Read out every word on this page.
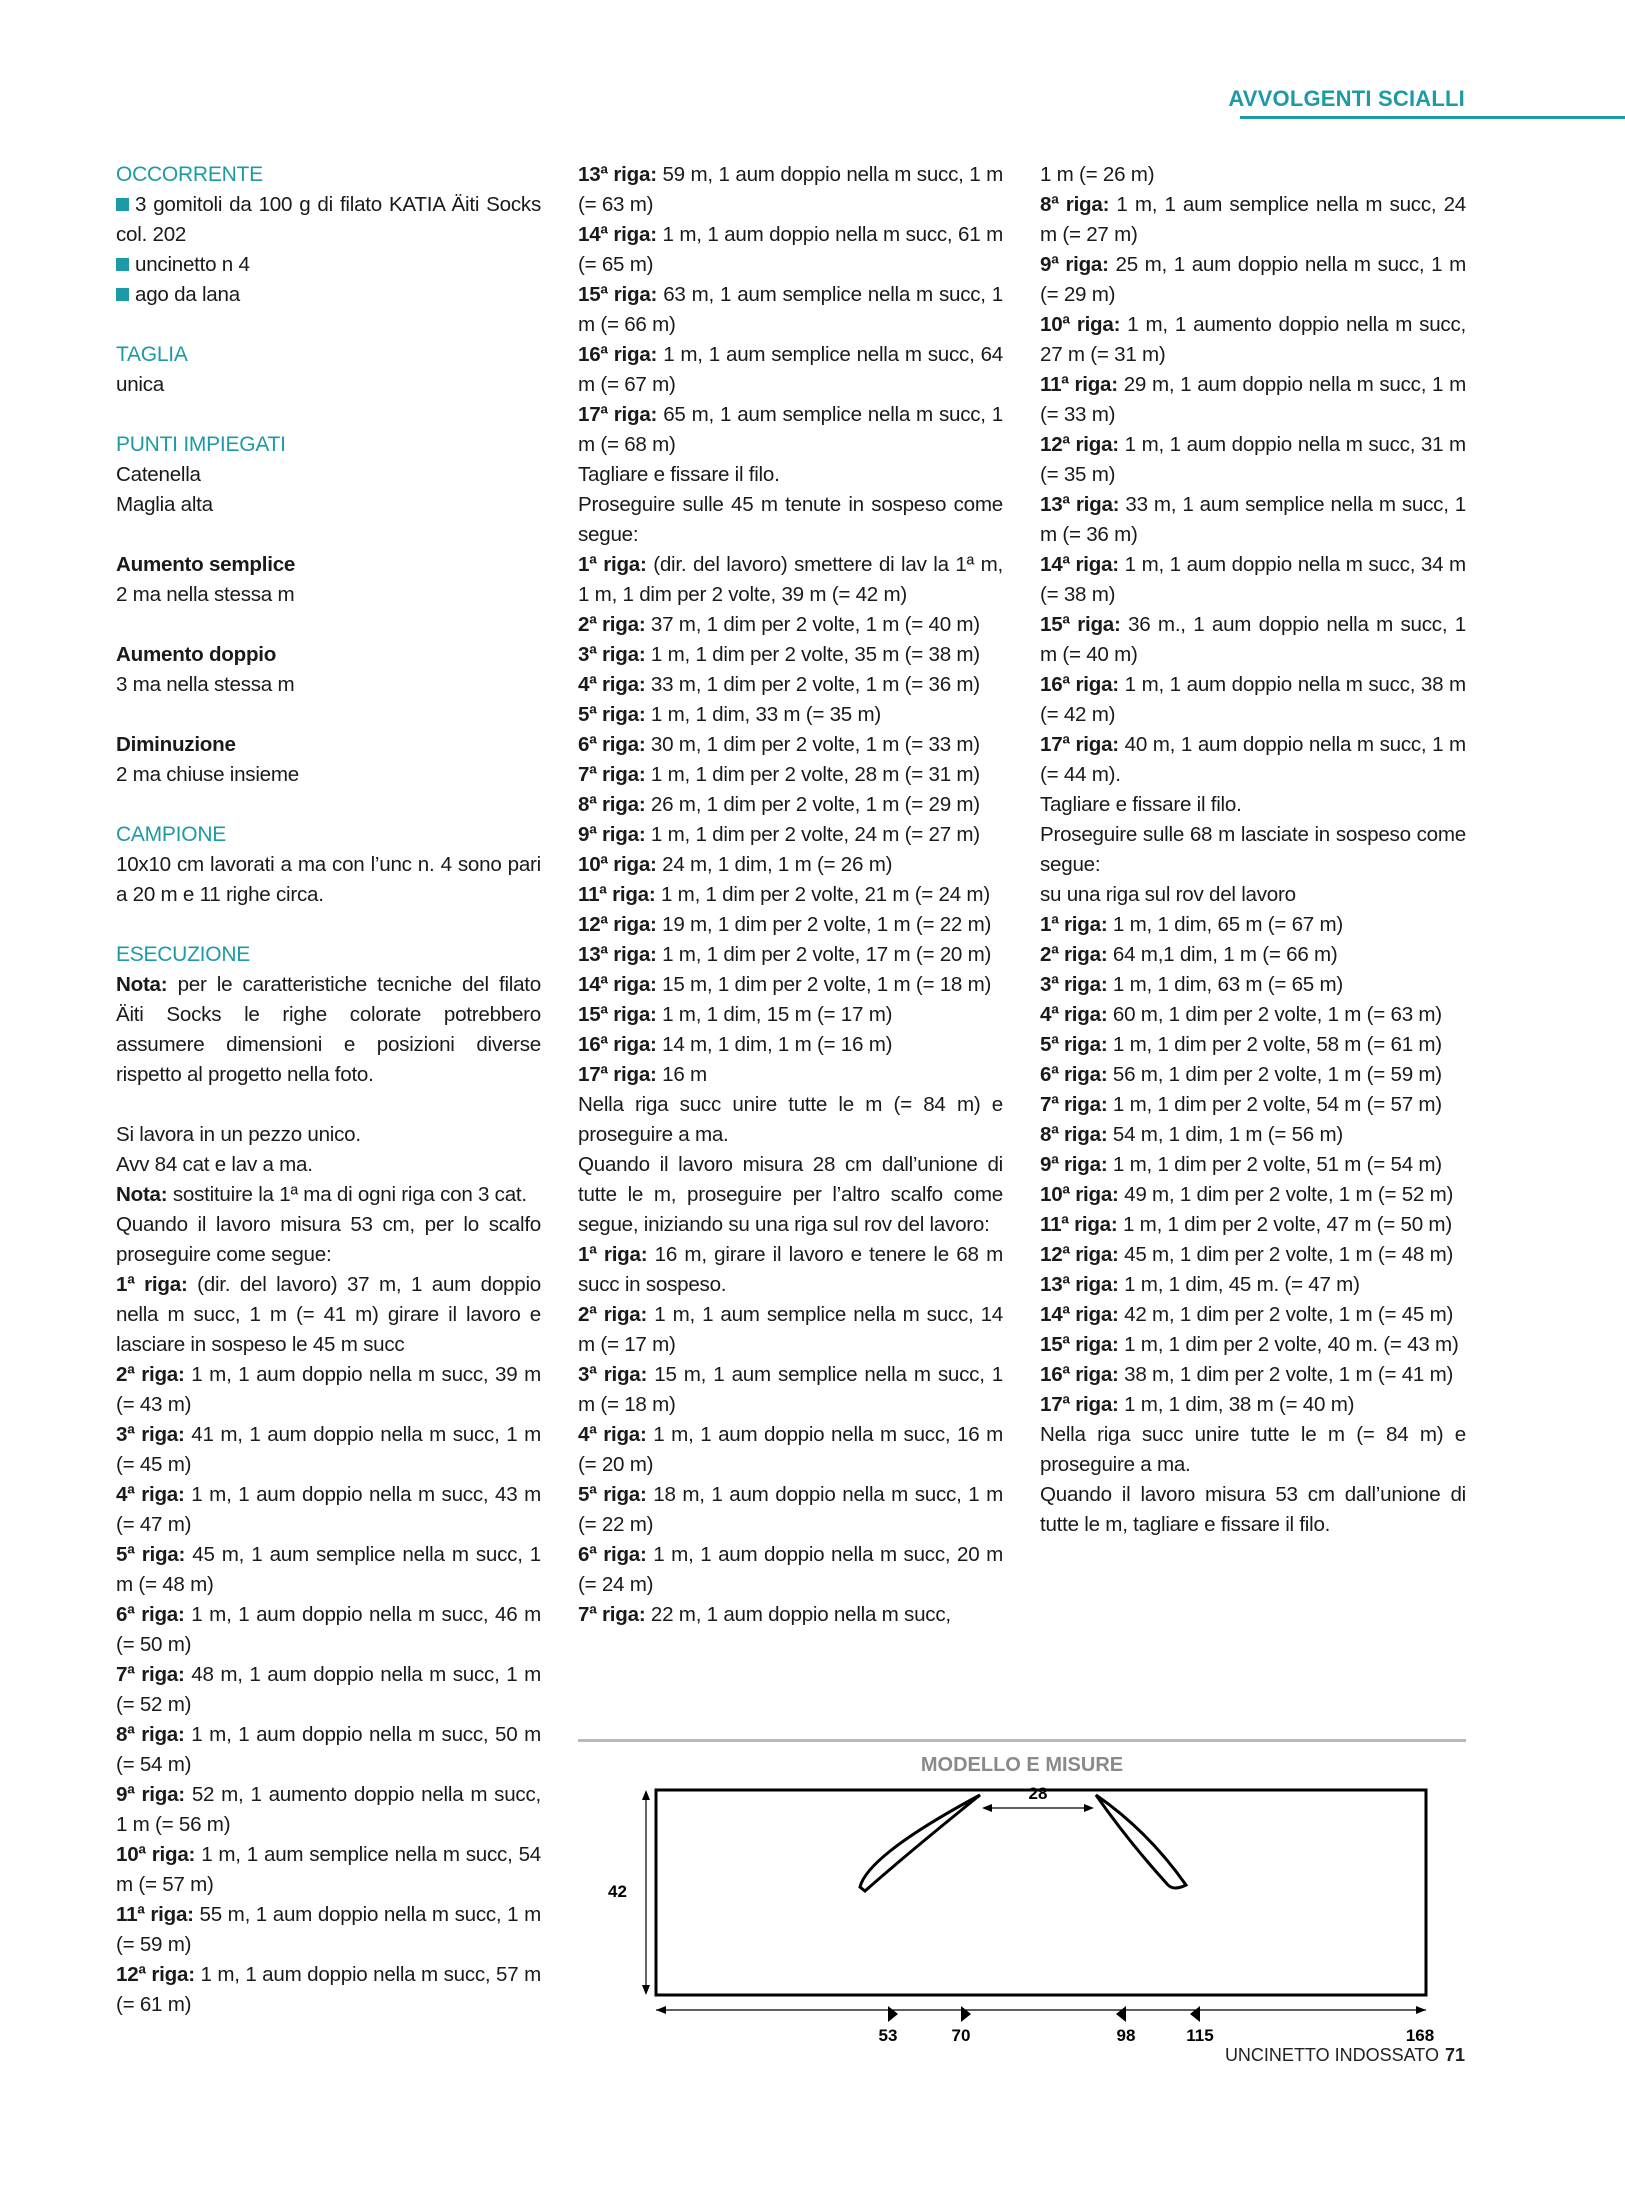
AVVOLGENTI SCIALLI

OCCORRENTE

3 gomitoli da 100 g di filato KATIA Äiti Socks col. 202

uncinetto n 4

ago da lana

TAGLIA

unica

PUNTI IMPIEGATI

Catenella

Maglia alta

Aumento semplice

2 ma nella stessa m

Aumento doppio

3 ma nella stessa m

Diminuzione

2 ma chiuse insieme

CAMPIONE

10x10 cm lavorati a ma con l’unc n. 4 sono pari a 20 m e 11 righe circa.

ESECUZIONE

Nota: per le caratteristiche tecniche del filato Äiti Socks le righe colorate potrebbero assumere dimensioni e posizioni diverse rispetto al progetto nella foto.

Si lavora in un pezzo unico.

Avv 84 cat e lav a ma.

Nota: sostituire la 1ª ma di ogni riga con 3 cat.

Quando il lavoro misura 53 cm, per lo scalfo proseguire come segue:

1ª riga: (dir. del lavoro) 37 m, 1 aum doppio nella m succ, 1 m (= 41 m) girare il lavoro e lasciare in sospeso le 45 m succ

2ª riga: 1 m, 1 aum doppio nella m succ, 39 m (= 43 m)

3ª riga: 41 m, 1 aum doppio nella m succ, 1 m (= 45 m)

4ª riga: 1 m, 1 aum doppio nella m succ, 43 m (= 47 m)

5ª riga: 45 m, 1 aum semplice nella m succ, 1 m (= 48 m)

6ª riga: 1 m, 1 aum doppio nella m succ, 46 m (= 50 m)

7ª riga: 48 m, 1 aum doppio nella m succ, 1 m (= 52 m)

8ª riga: 1 m, 1 aum doppio nella m succ, 50 m (= 54 m)

9ª riga: 52 m, 1 aumento doppio nella m succ, 1 m (= 56 m)

10ª riga: 1 m, 1 aum semplice nella m succ, 54 m (= 57 m)

11ª riga: 55 m, 1 aum doppio nella m succ, 1 m (= 59 m)

12ª riga: 1 m, 1 aum doppio nella m succ, 57 m (= 61 m)

13ª riga: 59 m, 1 aum doppio nella m succ, 1 m (= 63 m)

14ª riga: 1 m, 1 aum doppio nella m succ, 61 m (= 65 m)

15ª riga: 63 m, 1 aum semplice nella m succ, 1 m (= 66 m)

16ª riga: 1 m, 1 aum semplice nella m succ, 64 m (= 67 m)

17ª riga: 65 m, 1 aum semplice nella m succ, 1 m (= 68 m)

Tagliare e fissare il filo.

Proseguire sulle 45 m tenute in sospeso come segue:

1ª riga: (dir. del lavoro) smettere di lav la 1ª m, 1 m, 1 dim per 2 volte, 39 m (= 42 m)

2ª riga: 37 m, 1 dim per 2 volte, 1 m (= 40 m)

3ª riga: 1 m, 1 dim per 2 volte, 35 m (= 38 m)

4ª riga: 33 m, 1 dim per 2 volte, 1 m (= 36 m)

5ª riga: 1 m, 1 dim, 33 m (= 35 m)

6ª riga: 30 m, 1 dim per 2 volte, 1 m (= 33 m)

7ª riga: 1 m, 1 dim per 2 volte, 28 m (= 31 m)

8ª riga: 26 m, 1 dim per 2 volte, 1 m (= 29 m)

9ª riga: 1 m, 1 dim per 2 volte, 24 m (= 27 m)

10ª riga: 24 m, 1 dim, 1 m (= 26 m)

11ª riga: 1 m, 1 dim per 2 volte, 21 m (= 24 m)

12ª riga: 19 m, 1 dim per 2 volte, 1 m (= 22 m)

13ª riga: 1 m, 1 dim per 2 volte, 17 m (= 20 m)

14ª riga: 15 m, 1 dim per 2 volte, 1 m (= 18 m)

15ª riga: 1 m, 1 dim, 15 m (= 17 m)

16ª riga: 14 m, 1 dim, 1 m (= 16 m)

17ª riga: 16 m

Nella riga succ unire tutte le m (= 84 m) e proseguire a ma.

Quando il lavoro misura 28 cm dall’unione di tutte le m, proseguire per l’altro scalfo come segue, iniziando su una riga sul rov del lavoro:

1ª riga: 16 m, girare il lavoro e tenere le 68 m succ in sospeso.

2ª riga: 1 m, 1 aum semplice nella m succ, 14 m (= 17 m)

3ª riga: 15 m, 1 aum semplice nella m succ, 1 m (= 18 m)

4ª riga: 1 m, 1 aum doppio nella m succ, 16 m (= 20 m)

5ª riga: 18 m, 1 aum doppio nella m succ, 1 m (= 22 m)

6ª riga: 1 m, 1 aum doppio nella m succ, 20 m (= 24 m)

7ª riga: 22 m, 1 aum doppio nella m succ,

1 m (= 26 m)

8ª riga: 1 m, 1 aum semplice nella m succ, 24 m (= 27 m)

9ª riga: 25 m, 1 aum doppio nella m succ, 1 m (= 29 m)

10ª riga: 1 m, 1 aumento doppio nella m succ, 27 m (= 31 m)

11ª riga: 29 m, 1 aum doppio nella m succ, 1 m (= 33 m)

12ª riga: 1 m, 1 aum doppio nella m succ, 31 m (= 35 m)

13ª riga: 33 m, 1 aum semplice nella m succ, 1 m (= 36 m)

14ª riga: 1 m, 1 aum doppio nella m succ, 34 m (= 38 m)

15ª riga: 36 m., 1 aum doppio nella m succ, 1 m (= 40 m)

16ª riga: 1 m, 1 aum doppio nella m succ, 38 m (= 42 m)

17ª riga: 40 m, 1 aum doppio nella m succ, 1 m (= 44 m).

Tagliare e fissare il filo.

Proseguire sulle 68 m lasciate in sospeso come segue:

su una riga sul rov del lavoro

1ª riga: 1 m, 1 dim, 65 m (= 67 m)

2ª riga: 64 m,1 dim, 1 m (= 66 m)

3ª riga: 1 m, 1 dim, 63 m (= 65 m)

4ª riga: 60 m, 1 dim per 2 volte, 1 m (= 63 m)

5ª riga: 1 m, 1 dim per 2 volte, 58 m (= 61 m)

6ª riga: 56 m, 1 dim per 2 volte, 1 m (= 59 m)

7ª riga: 1 m, 1 dim per 2 volte, 54 m (= 57 m)

8ª riga: 54 m, 1 dim, 1 m (= 56 m)

9ª riga: 1 m, 1 dim per 2 volte, 51 m (= 54 m)

10ª riga: 49 m, 1 dim per 2 volte, 1 m (= 52 m)

11ª riga: 1 m, 1 dim per 2 volte, 47 m (= 50 m)

12ª riga: 45 m, 1 dim per 2 volte, 1 m (= 48 m)

13ª riga: 1 m, 1 dim, 45 m. (= 47 m)

14ª riga: 42 m, 1 dim per 2 volte, 1 m (= 45 m)

15ª riga: 1 m, 1 dim per 2 volte, 40 m. (= 43 m)

16ª riga: 38 m, 1 dim per 2 volte, 1 m (= 41 m)

17ª riga: 1 m, 1 dim, 38 m (= 40 m)

Nella riga succ unire tutte le m (= 84 m) e proseguire a ma.

Quando il lavoro misura 53 cm dall’unione di tutte le m, tagliare e fissare il filo.

MODELLO E MISURE
42
53	70	98	115	168
28
UNCINETTO INDOSSATO 71
